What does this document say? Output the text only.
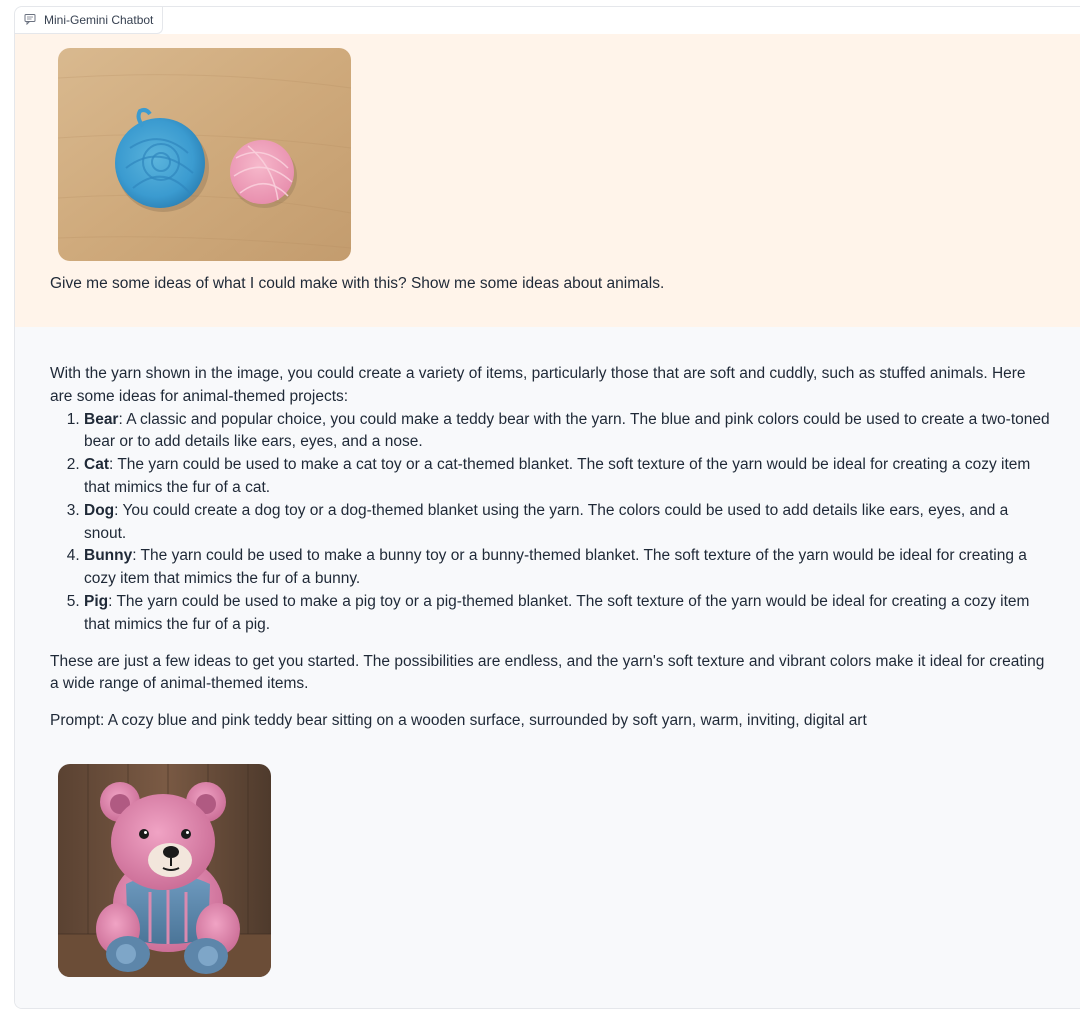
Mini-Gemini Chatbot
Give me some ideas of what I could make with this? Show me some ideas about animals.

With the yarn shown in the image, you could create a variety of items, particularly those that are soft and cuddly, such as stuffed animals. Here are some ideas for animal-themed projects:

1. Bear: A classic and popular choice, you could make a teddy bear with the yarn. The blue and pink colors could be used to create a two-toned bear or to add details like ears, eyes, and a nose.
2. Cat: The yarn could be used to make a cat toy or a cat-themed blanket. The soft texture of the yarn would be ideal for creating a cozy item that mimics the fur of a cat.
3. Dog: You could create a dog toy or a dog-themed blanket using the yarn. The colors could be used to add details like ears, eyes, and a snout.
4. Bunny: The yarn could be used to make a bunny toy or a bunny-themed blanket. The soft texture of the yarn would be ideal for creating a cozy item that mimics the fur of a bunny.
5. Pig: The yarn could be used to make a pig toy or a pig-themed blanket. The soft texture of the yarn would be ideal for creating a cozy item that mimics the fur of a pig.

These are just a few ideas to get you started. The possibilities are endless, and the yarn's soft texture and vibrant colors make it ideal for creating a wide range of animal-themed items.

Prompt: A cozy blue and pink teddy bear sitting on a wooden surface, surrounded by soft yarn, warm, inviting, digital art
